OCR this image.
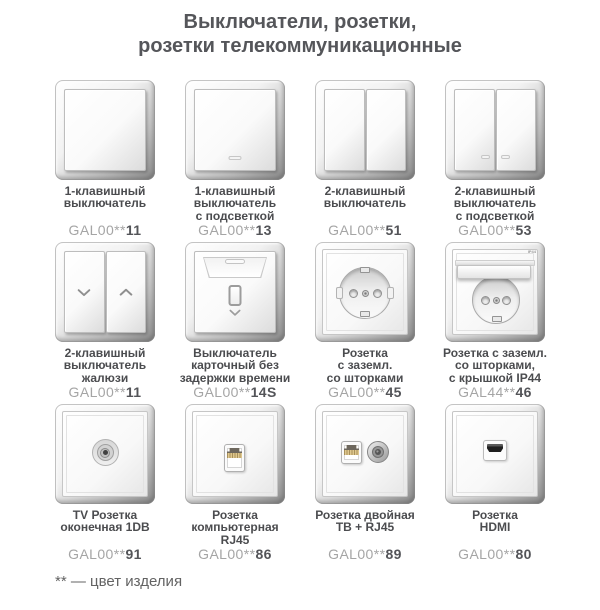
Выключатели, розетки,
розетки телекоммуникационные
1-клавишный
выключатель
GAL00**11
1-клавишный
выключатель
с подсветкой
GAL00**13
2-клавишный
выключатель
GAL00**51
2-клавишный
выключатель
с подсветкой
GAL00**53
2-клавишный
выключатель
жалюзи
GAL00**11
Выключатель
карточный без
задержки времени
GAL00**14S
Розетка
с заземл.
со шторками
GAL00**45
IP44
Розетка с заземл.
со шторками,
с крышкой IP44
GAL44**46
TV Розетка
оконечная 1DB
GAL00**91
Розетка
компьютерная
RJ45
GAL00**86
Розетка двойная
ТВ + RJ45
GAL00**89
Розетка
HDMI
GAL00**80
** — цвет изделия
